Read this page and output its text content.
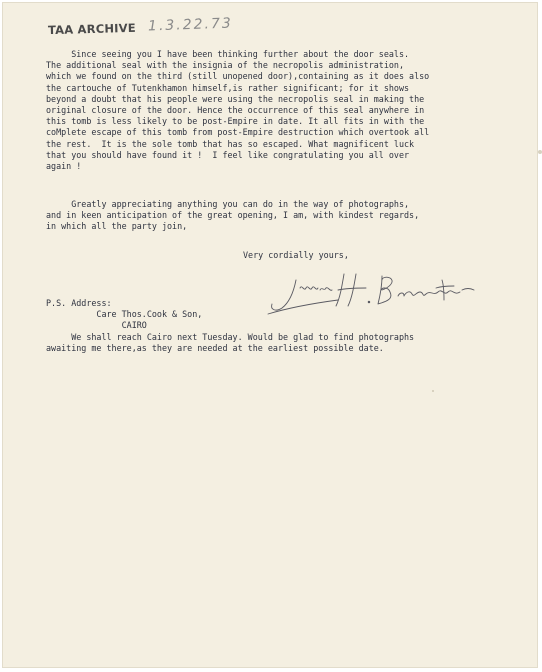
TAA ARCHIVE 1.3.22.73
Since seeing you I have been thinking further about the door seals.
The additional seal with the insignia of the necropolis administration,
which we found on the third (still unopened door),containing as it does also
the cartouche of Tutenkhamon himself,is rather significant; for it shows
beyond a doubt that his people were using the necropolis seal in making the
original closure of the door. Hence the occurrence of this seal anywhere in
this tomb is less likely to be post-Empire in date. It all fits in with the
coMplete escape of this tomb from post-Empire destruction which overtook all
the rest.  It is the sole tomb that has so escaped. What magnificent luck
that you should have found it !  I feel like congratulating you all over
again !
Greatly appreciating anything you can do in the way of photographs,
and in keen anticipation of the great opening, I am, with kindest regards,
in which all the party join,
Very cordially yours,
P.S. Address:
Care Thos.Cook & Son,
CAIRO
We shall reach Cairo next Tuesday. Would be glad to find photographs
awaiting me there,as they are needed at the earliest possible date.
